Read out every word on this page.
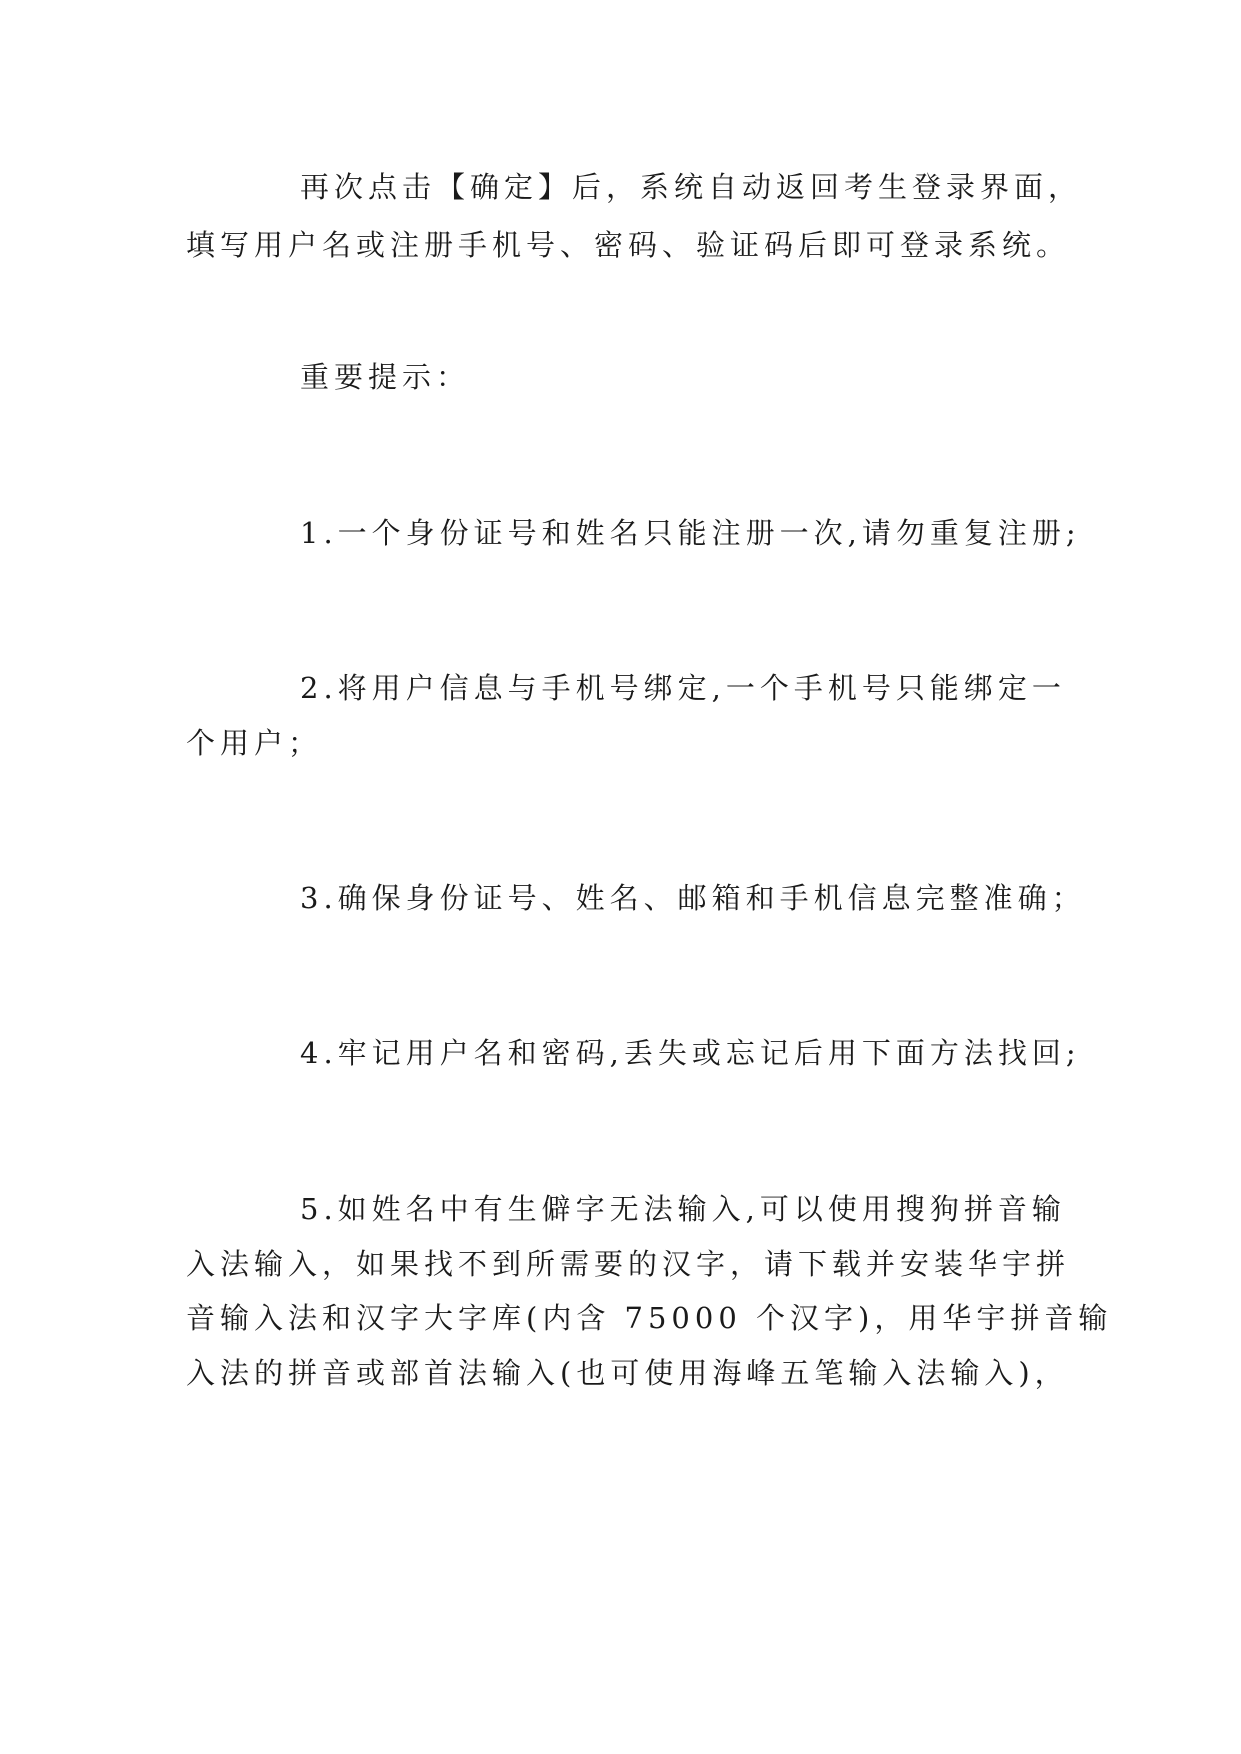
再次点击【确定】后，系统自动返回考生登录界面，
填写用户名或注册手机号、密码、验证码后即可登录系统。
重要提示：
1.一个身份证号和姓名只能注册一次,请勿重复注册;
2.将用户信息与手机号绑定,一个手机号只能绑定一
个用户；
3.确保身份证号、姓名、邮箱和手机信息完整准确；
4.牢记用户名和密码,丢失或忘记后用下面方法找回;
5.如姓名中有生僻字无法输入,可以使用搜狗拼音输
入法输入，如果找不到所需要的汉字，请下载并安装华宇拼
音输入法和汉字大字库(内含 75000 个汉字)，用华宇拼音输
入法的拼音或部首法输入(也可使用海峰五笔输入法输入)，
